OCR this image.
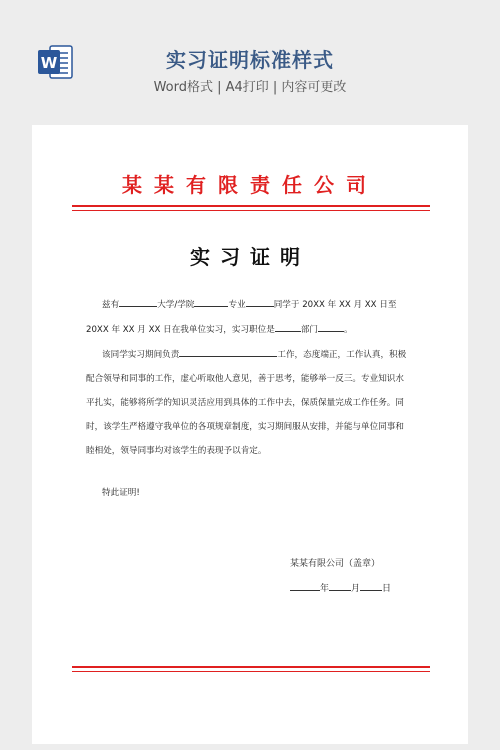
W	实习证明标准样式
Word格式 | A4打印 | 内容可更改
某某有限责任公司
实习证明
兹有	大学/学院	专业	同学于 20XX 年 XX 月 XX 日至
20XX 年 XX 月 XX 日在我单位实习，实习职位是	部门	。
该同学实习期间负责	工作，态度端正，工作认真，积极
配合领导和同事的工作，虚心听取他人意见，善于思考，能够举一反三。专业知识水
平扎实，能够将所学的知识灵活应用到具体的工作中去，保质保量完成工作任务。同
时，该学生严格遵守我单位的各项规章制度，实习期间服从安排，并能与单位同事和
睦相处，领导同事均对该学生的表现予以肯定。
特此证明!
某某有限公司（盖章）
年 月 日
